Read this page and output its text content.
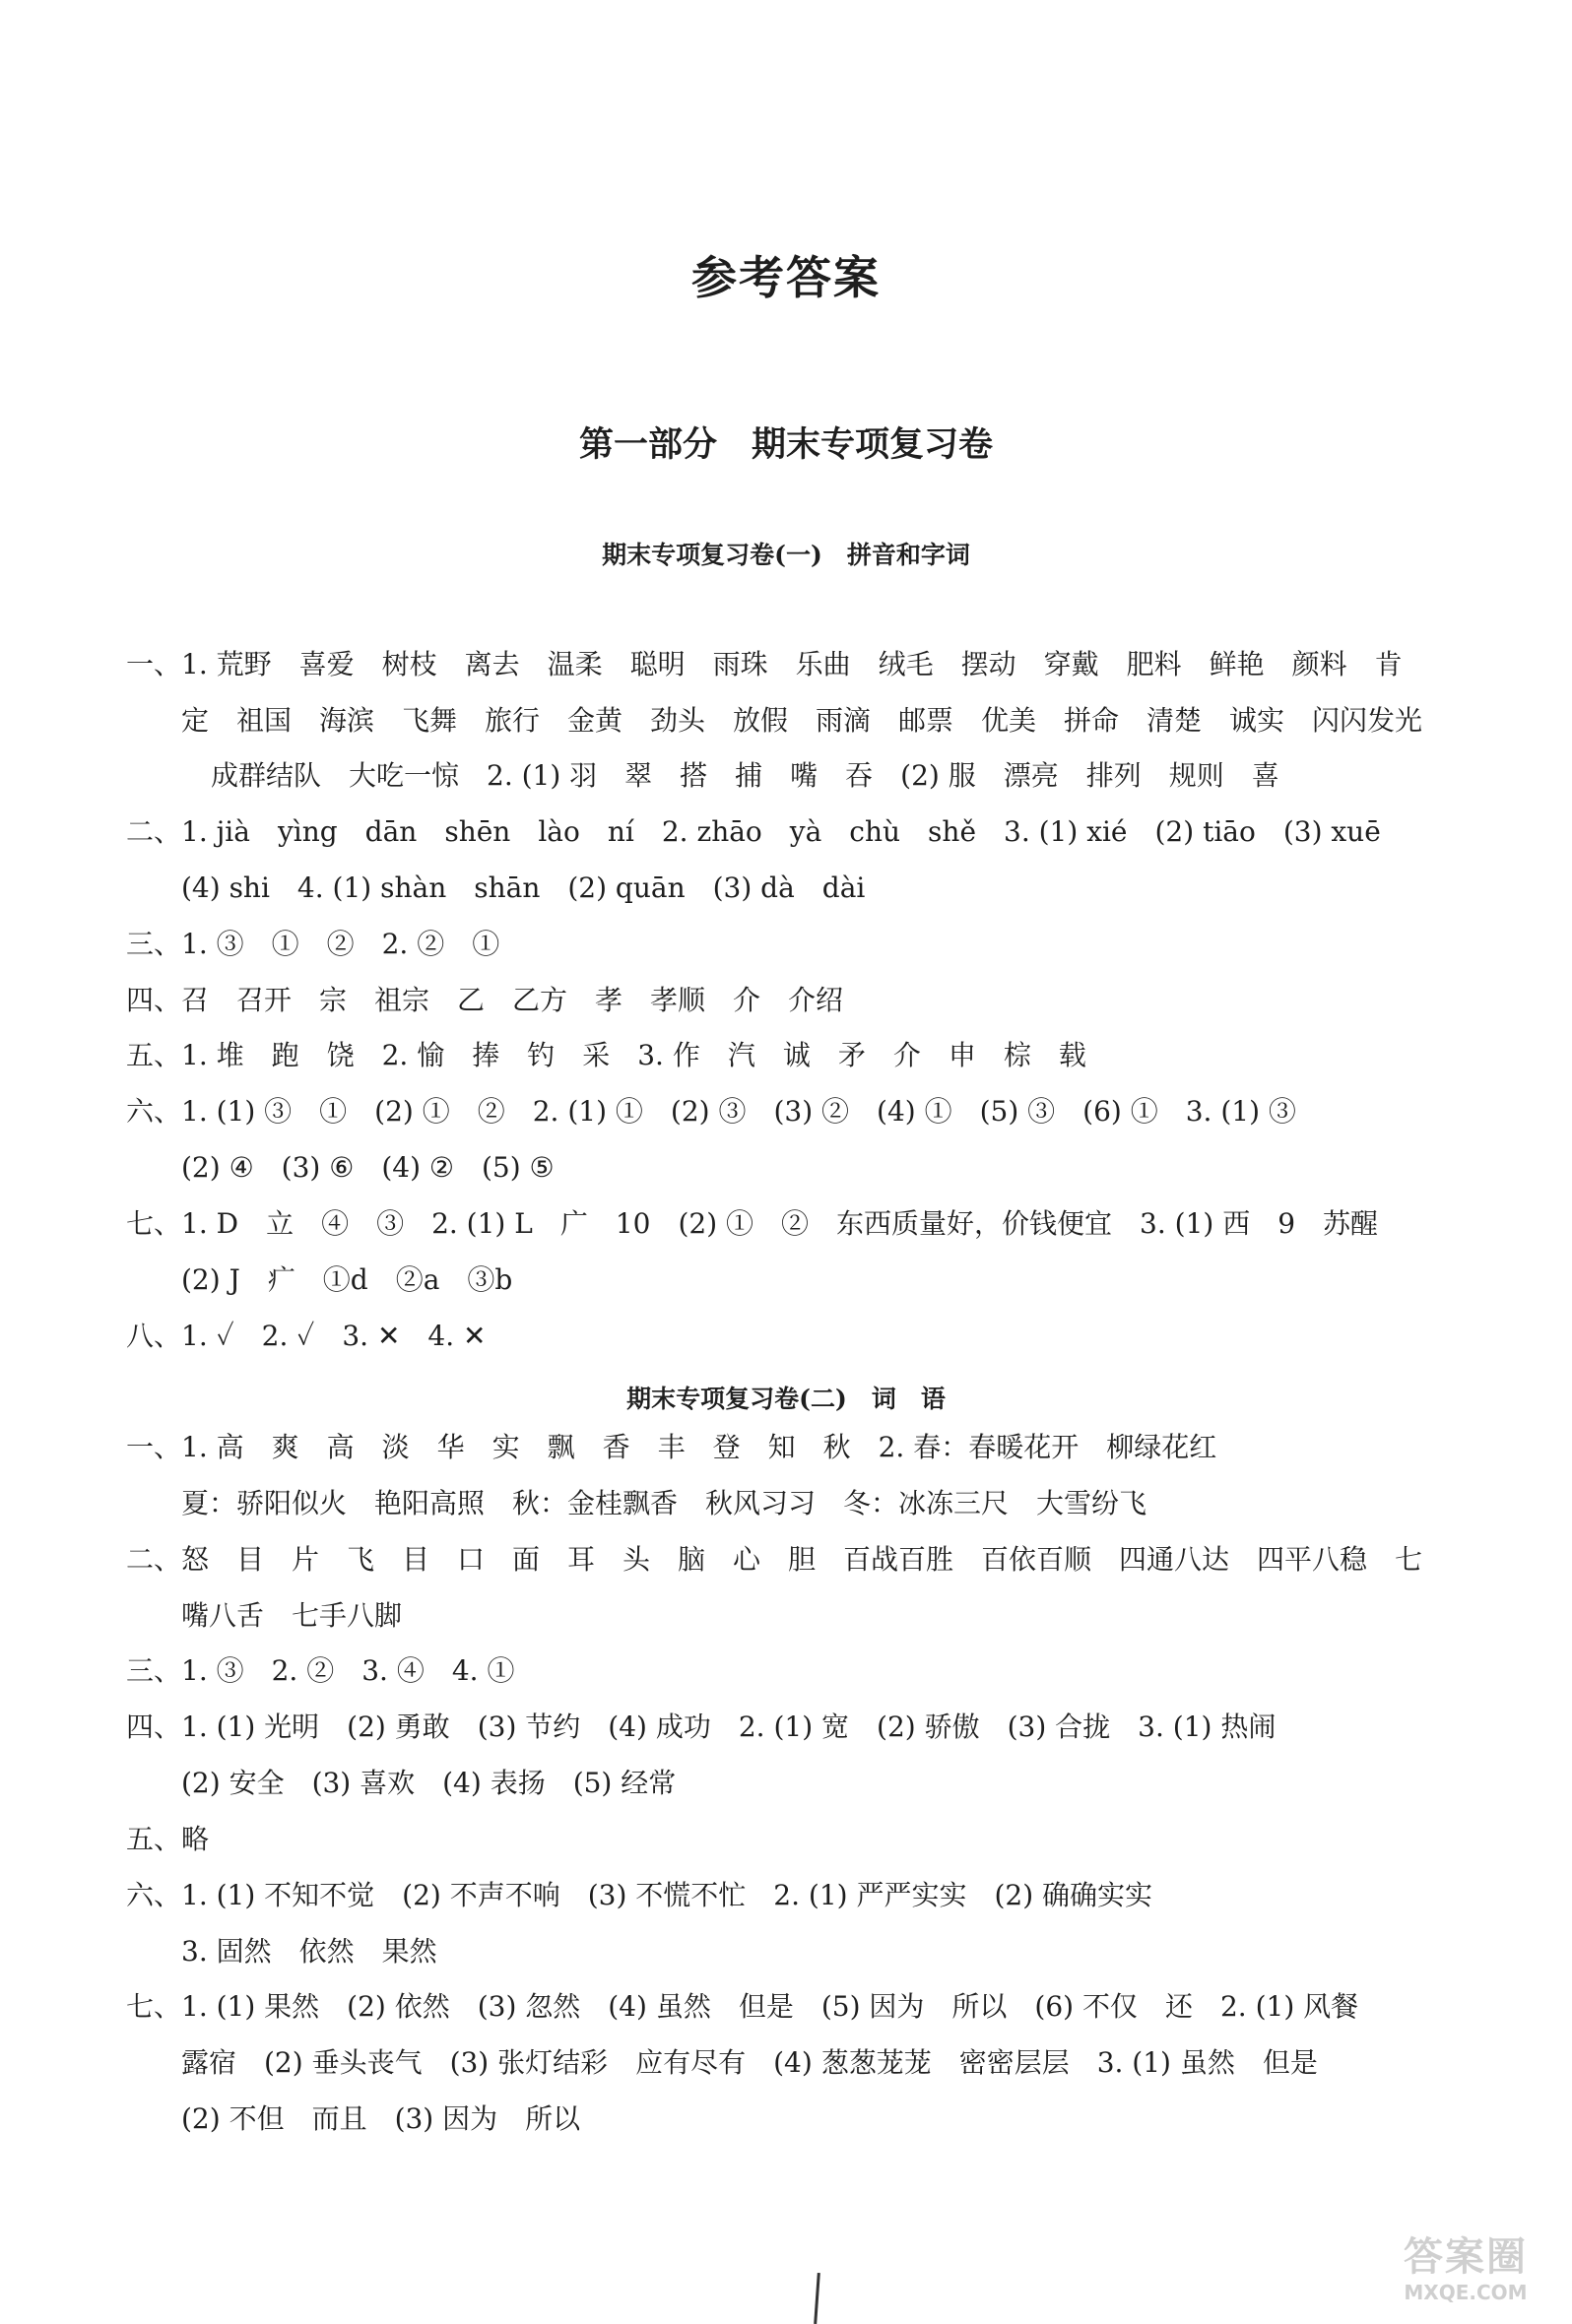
参考答案
第一部分　期末专项复习卷
期末专项复习卷(一)　拼音和字词
一、1. 荒野　喜爱　树枝　离去　温柔　聪明　雨珠　乐曲　绒毛　摆动　穿戴　肥料　鲜艳　颜料　肯
定　祖国　海滨　飞舞　旅行　金黄　劲头　放假　雨滴　邮票　优美　拼命　清楚　诚实　闪闪发光
成群结队　大吃一惊　2. (1) 羽　翠　搭　捕　嘴　吞　(2) 服　漂亮　排列　规则　喜
二、1. jià　yìng　dān　shēn　lào　ní　2. zhāo　yà　chù　shě　3. (1) xié　(2) tiāo　(3) xuē
(4) shi　4. (1) shàn　shān　(2) quān　(3) dà　dài
三、1. ③　①　②　2. ②　①
四、召　召开　宗　祖宗　乙　乙方　孝　孝顺　介　介绍
五、1. 堆　跑　饶　2. 愉　捧　钓　采　3. 作　汽　诚　矛　介　申　棕　载
六、1. (1) ③　①　(2) ①　②　2. (1) ①　(2) ③　(3) ②　(4) ①　(5) ③　(6) ①　3. (1) ③
(2) ④　(3) ⑥　(4) ②　(5) ⑤
七、1. D　立　④　③　2. (1) L　广　10　(2) ①　②　东西质量好，价钱便宜　3. (1) 西　9　苏醒
(2) J　疒　①d　②a　③b
八、1. ✓　2. ✓　3. ✕　4. ✕
期末专项复习卷(二)　词　语
一、1. 高　爽　高　淡　华　实　飘　香　丰　登　知　秋　2. 春：春暖花开　柳绿花红
夏：骄阳似火　艳阳高照　秋：金桂飘香　秋风习习　冬：冰冻三尺　大雪纷飞
二、怒　目　片　飞　目　口　面　耳　头　脑　心　胆　百战百胜　百依百顺　四通八达　四平八稳　七
嘴八舌　七手八脚
三、1. ③　2. ②　3. ④　4. ①
四、1. (1) 光明　(2) 勇敢　(3) 节约　(4) 成功　2. (1) 宽　(2) 骄傲　(3) 合拢　3. (1) 热闹
(2) 安全　(3) 喜欢　(4) 表扬　(5) 经常
五、略
六、1. (1) 不知不觉　(2) 不声不响　(3) 不慌不忙　2. (1) 严严实实　(2) 确确实实
3. 固然　依然　果然
七、1. (1) 果然　(2) 依然　(3) 忽然　(4) 虽然　但是　(5) 因为　所以　(6) 不仅　还　2. (1) 风餐
露宿　(2) 垂头丧气　(3) 张灯结彩　应有尽有　(4) 葱葱茏茏　密密层层　3. (1) 虽然　但是
(2) 不但　而且　(3) 因为　所以
答案圈
MXQE.COM
